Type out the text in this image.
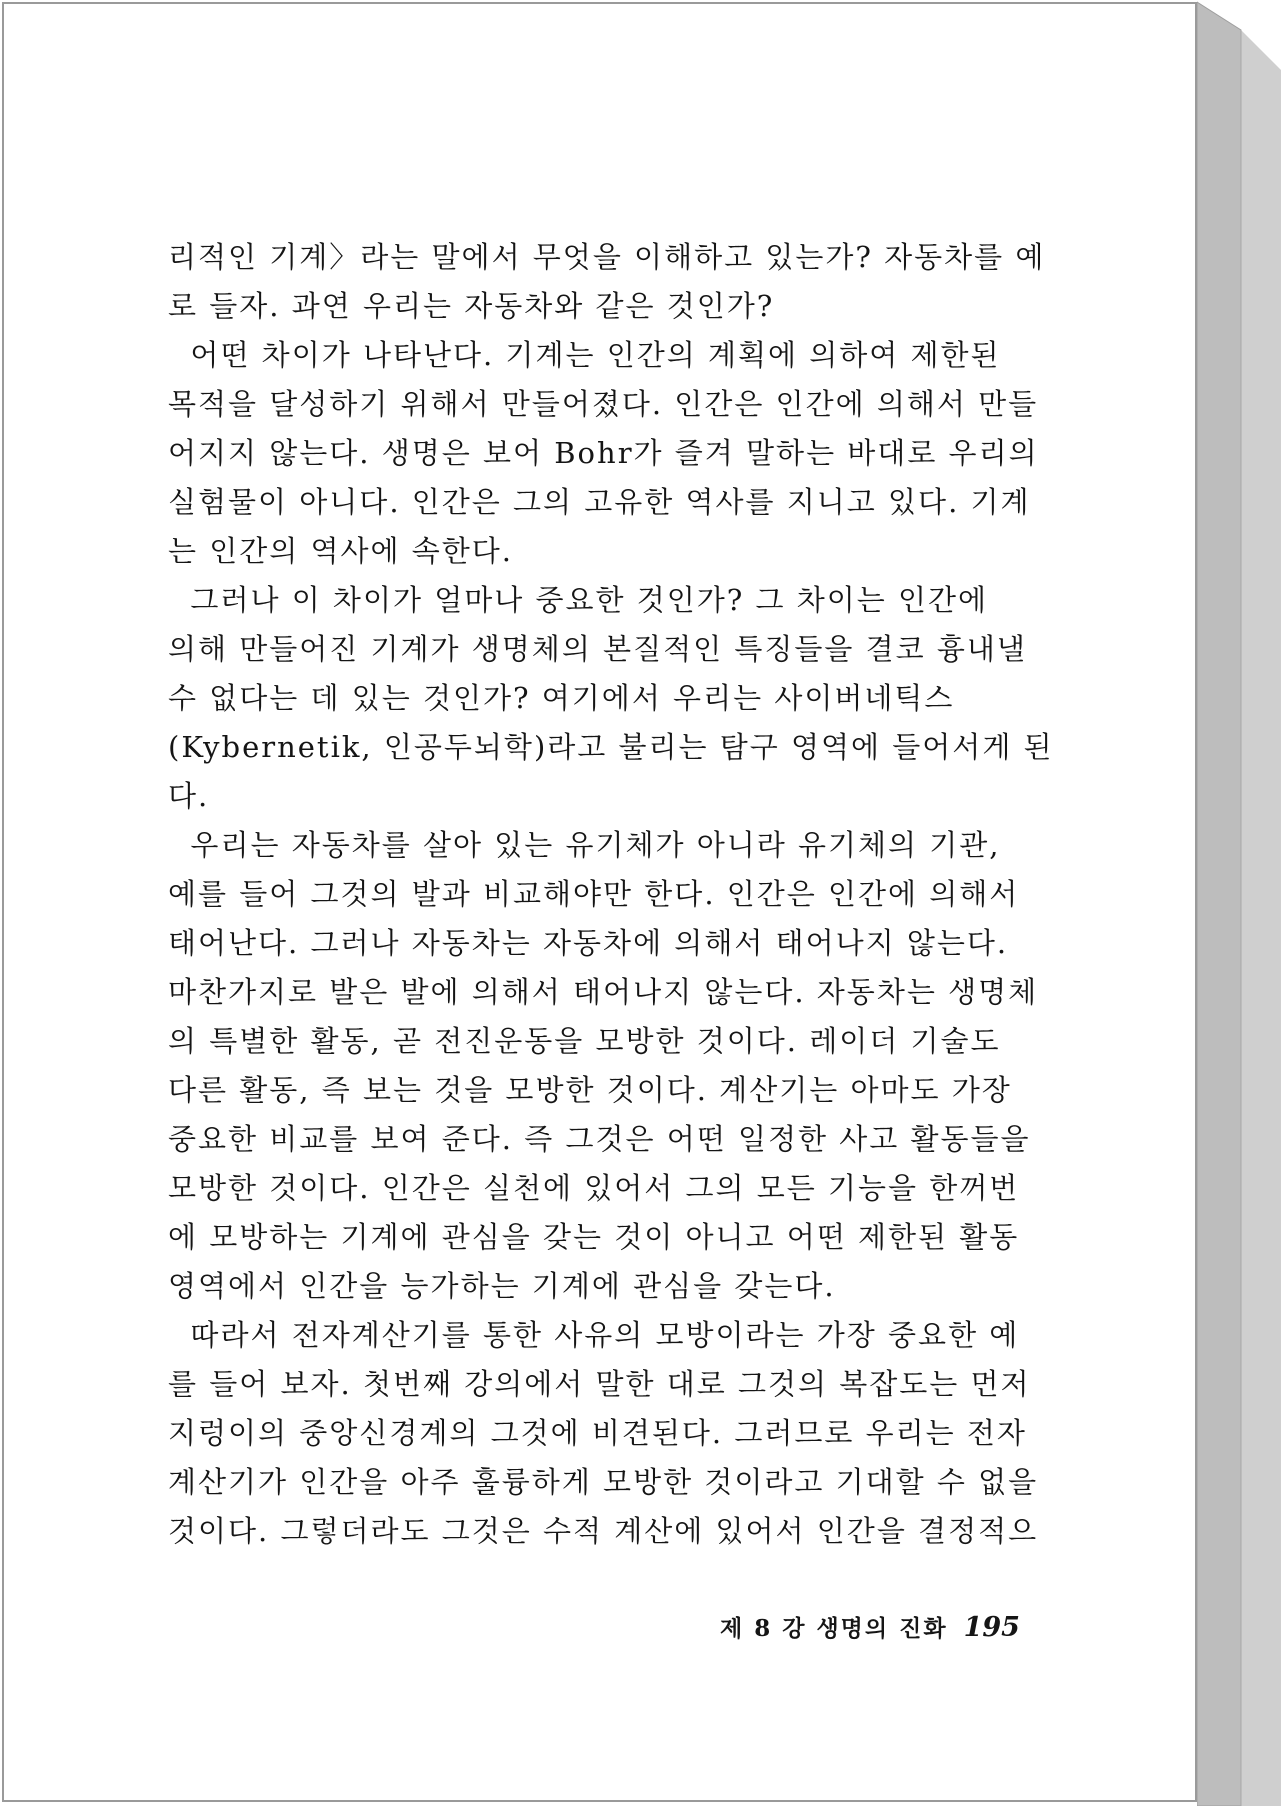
리적인 기계〉라는 말에서 무엇을 이해하고 있는가? 자동차를 예
로 들자. 과연 우리는 자동차와 같은 것인가?
어떤 차이가 나타난다. 기계는 인간의 계획에 의하여 제한된
목적을 달성하기 위해서 만들어졌다. 인간은 인간에 의해서 만들
어지지 않는다. 생명은 보어 Bohr가 즐겨 말하는 바대로 우리의
실험물이 아니다. 인간은 그의 고유한 역사를 지니고 있다. 기계
는 인간의 역사에 속한다.
그러나 이 차이가 얼마나 중요한 것인가? 그 차이는 인간에
의해 만들어진 기계가 생명체의 본질적인 특징들을 결코 흉내낼
수 없다는 데 있는 것인가? 여기에서 우리는 사이버네틱스
(Kybernetik, 인공두뇌학)라고 불리는 탐구 영역에 들어서게 된
다.
우리는 자동차를 살아 있는 유기체가 아니라 유기체의 기관,
예를 들어 그것의 발과 비교해야만 한다. 인간은 인간에 의해서
태어난다. 그러나 자동차는 자동차에 의해서 태어나지 않는다.
마찬가지로 발은 발에 의해서 태어나지 않는다. 자동차는 생명체
의 특별한 활동, 곧 전진운동을 모방한 것이다. 레이더 기술도
다른 활동, 즉 보는 것을 모방한 것이다. 계산기는 아마도 가장
중요한 비교를 보여 준다. 즉 그것은 어떤 일정한 사고 활동들을
모방한 것이다. 인간은 실천에 있어서 그의 모든 기능을 한꺼번
에 모방하는 기계에 관심을 갖는 것이 아니고 어떤 제한된 활동
영역에서 인간을 능가하는 기계에 관심을 갖는다.
따라서 전자계산기를 통한 사유의 모방이라는 가장 중요한 예
를 들어 보자. 첫번째 강의에서 말한 대로 그것의 복잡도는 먼저
지렁이의 중앙신경계의 그것에 비견된다. 그러므로 우리는 전자
계산기가 인간을 아주 훌륭하게 모방한 것이라고 기대할 수 없을
것이다. 그렇더라도 그것은 수적 계산에 있어서 인간을 결정적으
제 8 강 생명의 진화 195
